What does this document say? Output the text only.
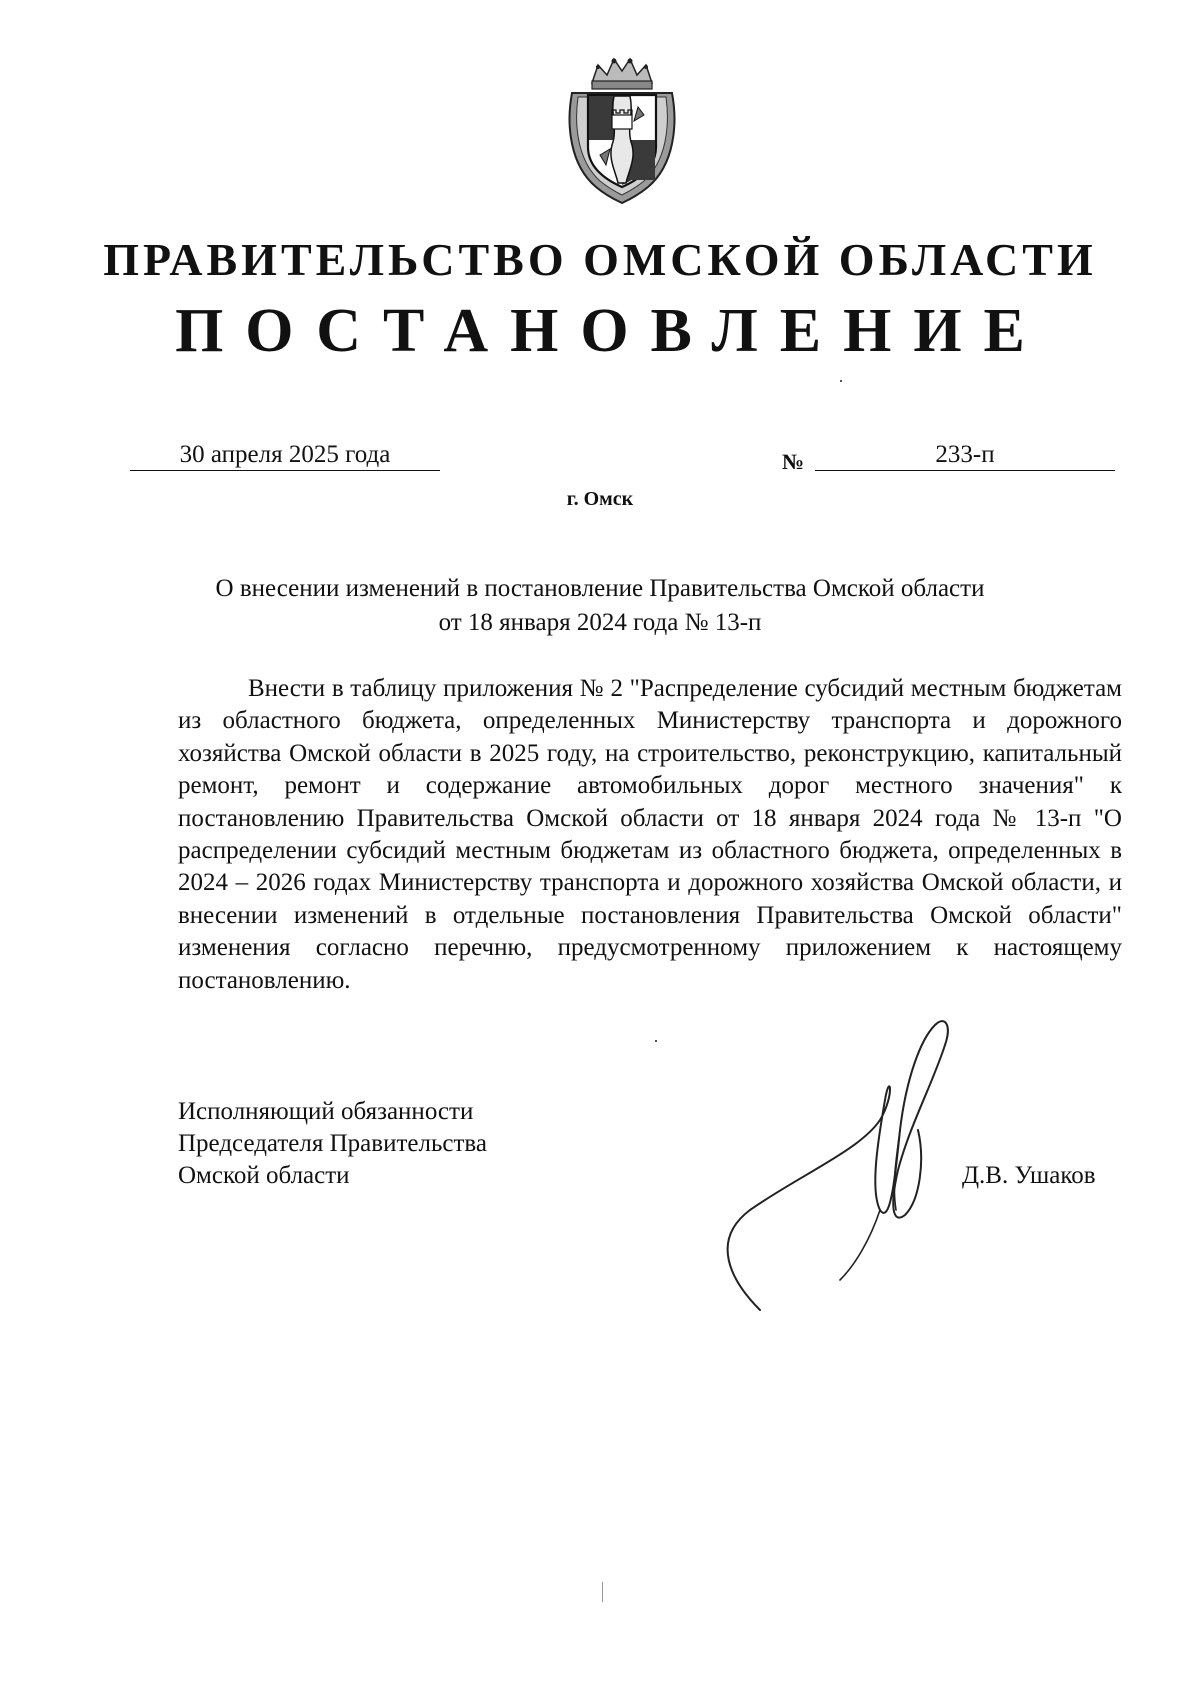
ПРАВИТЕЛЬСТВО ОМСКОЙ ОБЛАСТИ
ПОСТАНОВЛЕНИЕ
30 апреля 2025 года	№	233-п
г. Омск
О внесении изменений в постановление Правительства Омской области
от 18 января 2024 года № 13-п

Внести в таблицу приложения № 2 "Распределение субсидий местным бюджетам из областного бюджета, определенных Министерству транспорта и дорожного хозяйства Омской области в 2025 году, на строительство, реконструкцию, капитальный ремонт, ремонт и содержание автомобильных дорог местного значения" к постановлению Правительства Омской области от 18 января 2024 года № 13-п "О распределении субсидий местным бюджетам из областного бюджета, определенных в 2024 – 2026 годах Министерству транспорта и дорожного хозяйства Омской области, и внесении изменений в отдельные постановления Правительства Омской области" изменения согласно перечню, предусмотренному приложением к настоящему постановлению.

Исполняющий обязанности
Председателя Правительства
Омской области	Д.В. Ушаков
